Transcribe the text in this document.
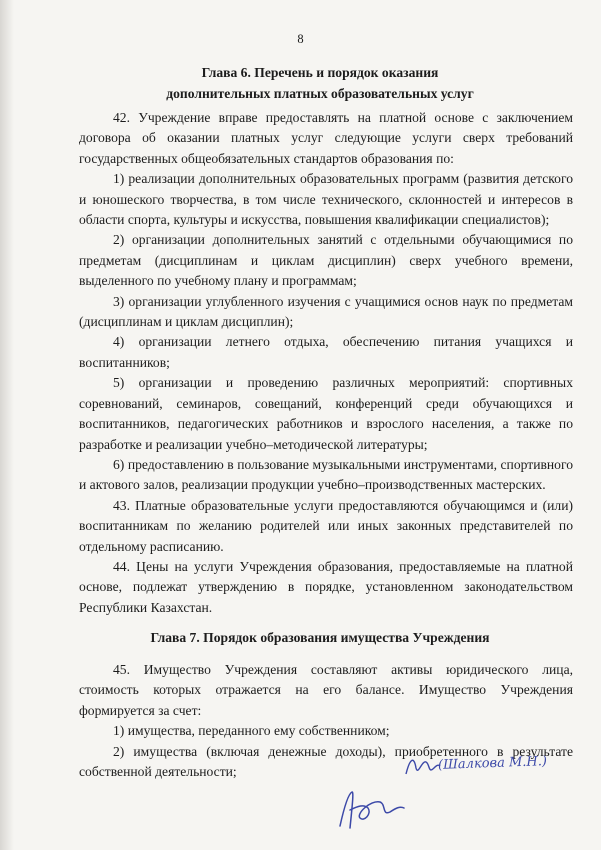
8
Глава 6. Перечень и порядок оказания
дополнительных платных образовательных услуг

42. Учреждение вправе предоставлять на платной основе с заключением договора об оказании платных услуг следующие услуги сверх требований государственных общеобязательных стандартов образования по:

1) реализации дополнительных образовательных программ (развития детского и юношеского творчества, в том числе технического, склонностей и интересов в области спорта, культуры и искусства, повышения квалификации специалистов);

2) организации дополнительных занятий с отдельными обучающимися по предметам (дисциплинам и циклам дисциплин) сверх учебного времени, выделенного по учебному плану и программам;

3) организации углубленного изучения с учащимися основ наук по предметам (дисциплинам и циклам дисциплин);

4) организации летнего отдыха, обеспечению питания учащихся и воспитанников;

5) организации и проведению различных мероприятий: спортивных соревнований, семинаров, совещаний, конференций среди обучающихся и воспитанников, педагогических работников и взрослого населения, а также по разработке и реализации учебно–методической литературы;

6) предоставлению в пользование музыкальными инструментами, спортивного и актового залов, реализации продукции учебно–производственных мастерских.

43. Платные образовательные услуги предоставляются обучающимся и (или) воспитанникам по желанию родителей или иных законных представителей по отдельному расписанию.

44. Цены на услуги Учреждения образования, предоставляемые на платной основе, подлежат утверждению в порядке, установленном законодательством Республики Казахстан.

Глава 7. Порядок образования имущества Учреждения

45. Имущество Учреждения составляют активы юридического лица, стоимость которых отражается на его балансе. Имущество Учреждения формируется за счет:

1) имущества, переданного ему собственником;

2) имущества (включая денежные доходы), приобретенного в результате собственной деятельности;	(Шалкова М.Н.)
